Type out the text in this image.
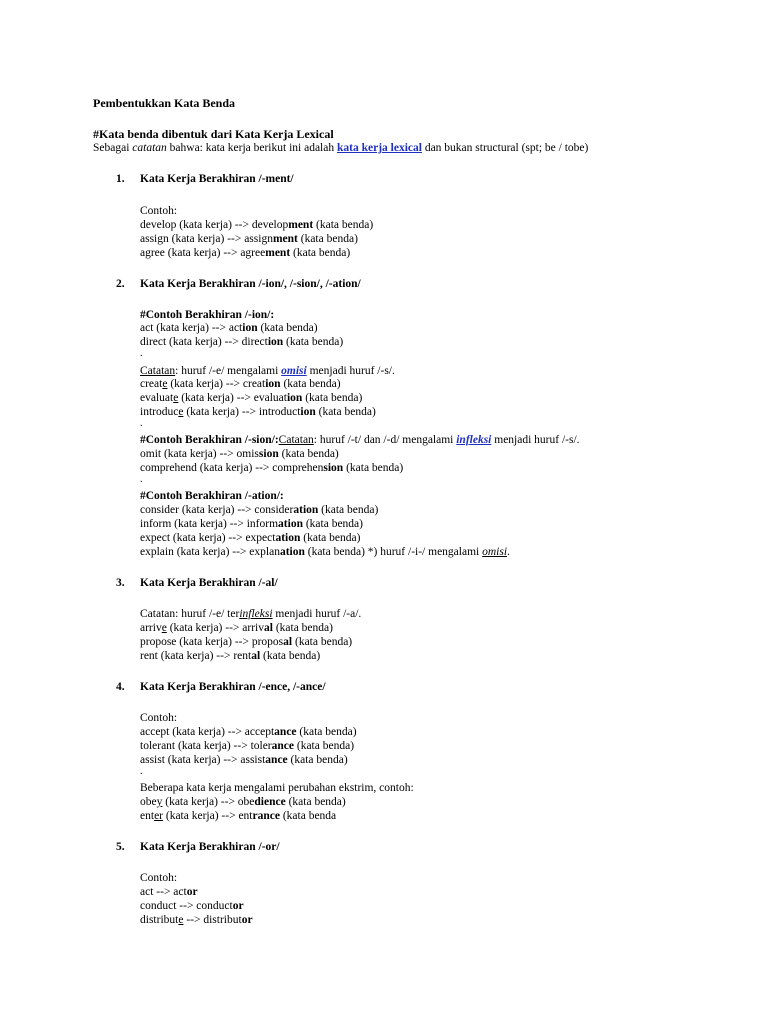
Pembentukkan Kata Benda
#Kata benda dibentuk dari Kata Kerja Lexical
Sebagai catatan bahwa: kata kerja berikut ini adalah kata kerja lexical dan bukan structural (spt; be / tobe)
1. Kata Kerja Berakhiran /-ment/
Contoh:
develop (kata kerja) --> development (kata benda)
assign (kata kerja) --> assignment (kata benda)
agree (kata kerja) --> agreement (kata benda)
2. Kata Kerja Berakhiran /-ion/, /-sion/, /-ation/
#Contoh Berakhiran /-ion/:
act (kata kerja) --> action (kata benda)
direct (kata kerja) --> direction (kata benda)
.
Catatan: huruf /-e/ mengalami omisi menjadi huruf /-s/.
create (kata kerja) --> creation (kata benda)
evaluate (kata kerja) --> evaluation (kata benda)
introduce (kata kerja) --> introduction (kata benda)
.
#Contoh Berakhiran /-sion/:Catatan: huruf /-t/ dan /-d/ mengalami infleksi menjadi huruf /-s/.
omit (kata kerja) --> omission (kata benda)
comprehend (kata kerja) --> comprehension (kata benda)
.
#Contoh Berakhiran /-ation/:
consider (kata kerja) --> consideration (kata benda)
inform (kata kerja) --> information (kata benda)
expect (kata kerja) --> expectation (kata benda)
explain (kata kerja) --> explanation (kata benda) *) huruf /-i-/ mengalami omisi.
3. Kata Kerja Berakhiran /-al/
Catatan: huruf /-e/ terinfleksi menjadi huruf /-a/.
arrive (kata kerja) --> arrival (kata benda)
propose (kata kerja) --> proposal (kata benda)
rent (kata kerja) --> rental (kata benda)
4. Kata Kerja Berakhiran /-ence, /-ance/
Contoh:
accept (kata kerja) --> acceptance (kata benda)
tolerant (kata kerja) --> tolerance (kata benda)
assist (kata kerja) --> assistance (kata benda)
.
Beberapa kata kerja mengalami perubahan ekstrim, contoh:
obey (kata kerja) --> obedience (kata benda)
enter (kata kerja) --> entrance (kata benda
5. Kata Kerja Berakhiran /-or/
Contoh:
act --> actor
conduct --> conductor
distribute --> distributor
